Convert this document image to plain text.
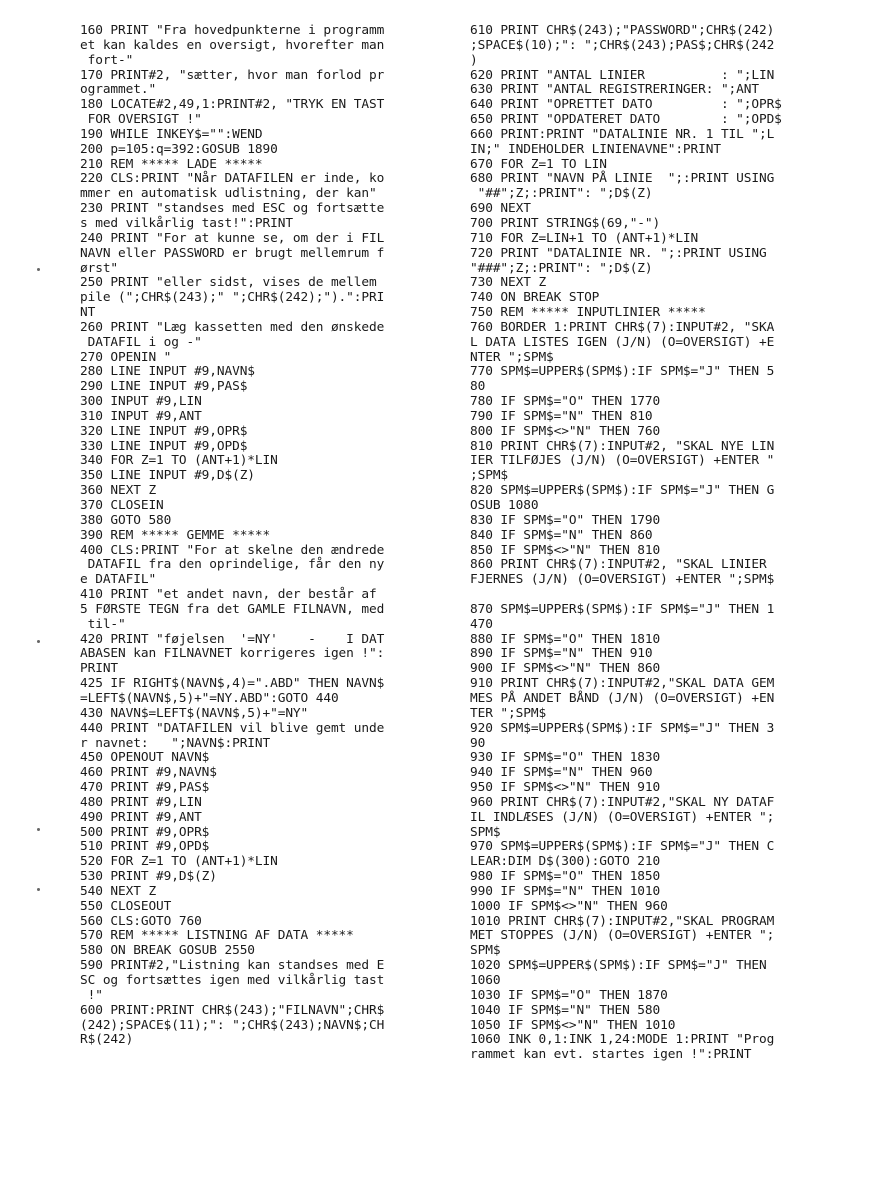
160 PRINT "Fra hovedpunkterne i programm
et kan kaldes en oversigt, hvorefter man
fort-"
170 PRINT#2, "sætter, hvor man forlod pr
ogrammet."
180 LOCATE#2,49,1:PRINT#2, "TRYK EN TAST
FOR OVERSIGT !"
190 WHILE INKEY$="":WEND
200 p=105:q=392:GOSUB 1890
210 REM ***** LADE *****
220 CLS:PRINT "Når DATAFILEN er inde, ko
mmer en automatisk udlistning, der kan"
230 PRINT "standses med ESC og fortsætte
s med vilkårlig tast!":PRINT
240 PRINT "For at kunne se, om der i FIL
NAVN eller PASSWORD er brugt mellemrum f
ørst"
250 PRINT "eller sidst, vises de mellem
pile (";CHR$(243);" ";CHR$(242);").":PRI
NT
260 PRINT "Læg kassetten med den ønskede
DATAFIL i og -"
270 OPENIN "
280 LINE INPUT #9,NAVN$
290 LINE INPUT #9,PAS$
300 INPUT #9,LIN
310 INPUT #9,ANT
320 LINE INPUT #9,OPR$
330 LINE INPUT #9,OPD$
340 FOR Z=1 TO (ANT+1)*LIN
350 LINE INPUT #9,D$(Z)
360 NEXT Z
370 CLOSEIN
380 GOTO 580
390 REM ***** GEMME *****
400 CLS:PRINT "For at skelne den ændrede
DATAFIL fra den oprindelige, får den ny
e DATAFIL"
410 PRINT "et andet navn, der består af
5 FØRSTE TEGN fra det GAMLE FILNAVN, med
til-"
420 PRINT "føjelsen  '=NY'    -    I DAT
ABASEN kan FILNAVNET korrigeres igen !":
PRINT
425 IF RIGHT$(NAVN$,4)=".ABD" THEN NAVN$
=LEFT$(NAVN$,5)+"=NY.ABD":GOTO 440
430 NAVN$=LEFT$(NAVN$,5)+"=NY"
440 PRINT "DATAFILEN vil blive gemt unde
r navnet:   ";NAVN$:PRINT
450 OPENOUT NAVN$
460 PRINT #9,NAVN$
470 PRINT #9,PAS$
480 PRINT #9,LIN
490 PRINT #9,ANT
500 PRINT #9,OPR$
510 PRINT #9,OPD$
520 FOR Z=1 TO (ANT+1)*LIN
530 PRINT #9,D$(Z)
540 NEXT Z
550 CLOSEOUT
560 CLS:GOTO 760
570 REM ***** LISTNING AF DATA *****
580 ON BREAK GOSUB 2550
590 PRINT#2,"Listning kan standses med E
SC og fortsættes igen med vilkårlig tast
!"
600 PRINT:PRINT CHR$(243);"FILNAVN";CHR$
(242);SPACE$(11);": ";CHR$(243);NAVN$;CH
R$(242)
610 PRINT CHR$(243);"PASSWORD";CHR$(242)
;SPACE$(10);": ";CHR$(243);PAS$;CHR$(242
)
620 PRINT "ANTAL LINIER          : ";LIN
630 PRINT "ANTAL REGISTRERINGER: ";ANT
640 PRINT "OPRETTET DATO         : ";OPR$
650 PRINT "OPDATERET DATO        : ";OPD$
660 PRINT:PRINT "DATALINIE NR. 1 TIL ";L
IN;" INDEHOLDER LINIENAVNE":PRINT
670 FOR Z=1 TO LIN
680 PRINT "NAVN PÅ LINIE  ";:PRINT USING
"##";Z;:PRINT": ";D$(Z)
690 NEXT
700 PRINT STRING$(69,"-")
710 FOR Z=LIN+1 TO (ANT+1)*LIN
720 PRINT "DATALINIE NR. ";:PRINT USING
"###";Z;:PRINT": ";D$(Z)
730 NEXT Z
740 ON BREAK STOP
750 REM ***** INPUTLINIER *****
760 BORDER 1:PRINT CHR$(7):INPUT#2, "SKA
L DATA LISTES IGEN (J/N) (O=OVERSIGT) +E
NTER ";SPM$
770 SPM$=UPPER$(SPM$):IF SPM$="J" THEN 5
80
780 IF SPM$="O" THEN 1770
790 IF SPM$="N" THEN 810
800 IF SPM$<>"N" THEN 760
810 PRINT CHR$(7):INPUT#2, "SKAL NYE LIN
IER TILFØJES (J/N) (O=OVERSIGT) +ENTER "
;SPM$
820 SPM$=UPPER$(SPM$):IF SPM$="J" THEN G
OSUB 1080
830 IF SPM$="O" THEN 1790
840 IF SPM$="N" THEN 860
850 IF SPM$<>"N" THEN 810
860 PRINT CHR$(7):INPUT#2, "SKAL LINIER
FJERNES (J/N) (O=OVERSIGT) +ENTER ";SPM$
870 SPM$=UPPER$(SPM$):IF SPM$="J" THEN 1
470
880 IF SPM$="O" THEN 1810
890 IF SPM$="N" THEN 910
900 IF SPM$<>"N" THEN 860
910 PRINT CHR$(7):INPUT#2,"SKAL DATA GEM
MES PÅ ANDET BÅND (J/N) (O=OVERSIGT) +EN
TER ";SPM$
920 SPM$=UPPER$(SPM$):IF SPM$="J" THEN 3
90
930 IF SPM$="O" THEN 1830
940 IF SPM$="N" THEN 960
950 IF SPM$<>"N" THEN 910
960 PRINT CHR$(7):INPUT#2,"SKAL NY DATAF
IL INDLÆSES (J/N) (O=OVERSIGT) +ENTER ";
SPM$
970 SPM$=UPPER$(SPM$):IF SPM$="J" THEN C
LEAR:DIM D$(300):GOTO 210
980 IF SPM$="O" THEN 1850
990 IF SPM$="N" THEN 1010
1000 IF SPM$<>"N" THEN 960
1010 PRINT CHR$(7):INPUT#2,"SKAL PROGRAM
MET STOPPES (J/N) (O=OVERSIGT) +ENTER ";
SPM$
1020 SPM$=UPPER$(SPM$):IF SPM$="J" THEN
1060
1030 IF SPM$="O" THEN 1870
1040 IF SPM$="N" THEN 580
1050 IF SPM$<>"N" THEN 1010
1060 INK 0,1:INK 1,24:MODE 1:PRINT "Prog
rammet kan evt. startes igen !":PRINT
